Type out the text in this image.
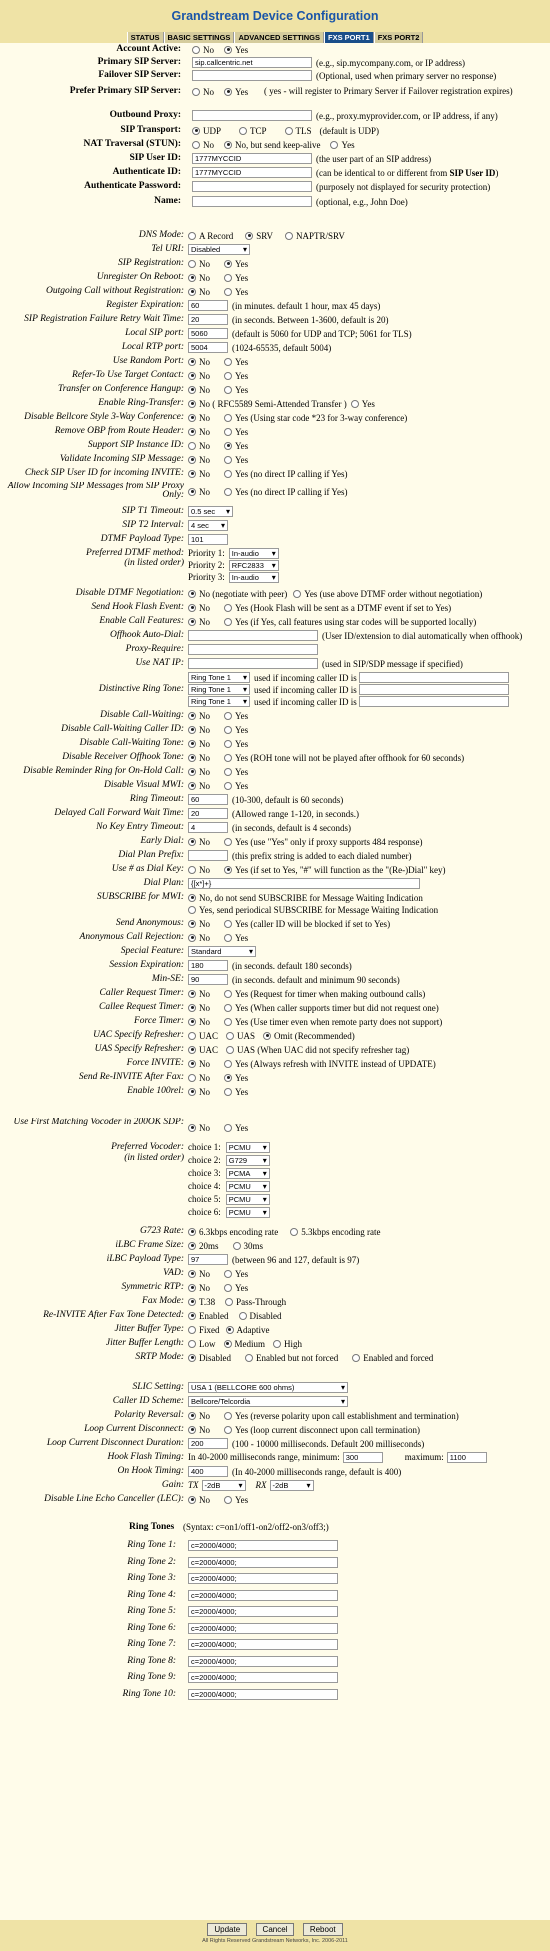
Grandstream Device Configuration
STATUS BASIC SETTINGS ADVANCED SETTINGS FXS PORT1 FXS PORT2
Account Active:	No Yes
Primary SIP Server:	sip.callcentric.net	(e.g., sip.mycompany.com, or IP address)
Failover SIP Server:	(Optional, used when primary server no response)
Prefer Primary SIP Server:	No Yes	( yes - will register to Primary Server if Failover registration expires)
Outbound Proxy:	(e.g., proxy.myprovider.com, or IP address, if any)
SIP Transport:	UDP	TCP	TLS (default is UDP)
NAT Traversal (STUN):	No No, but send keep-alive Yes
SIP User ID:	1777MYCCID	(the user part of an SIP address)
Authenticate ID:	1777MYCCID	(can be identical to or different from SIP User ID)
Authenticate Password:	(purposely not displayed for security protection)
Name:	(optional, e.g., John Doe)
DNS Mode:	A Record	SRV	NAPTR/SRV
Tel URI: Disabled ▾
SIP Registration:	No	Yes
Unregister On Reboot:	No	Yes
Outgoing Call without Registration:	No	Yes
Register Expiration: 60	(in minutes. default 1 hour, max 45 days)
SIP Registration Failure Retry Wait Time: 20	(in seconds. Between 1-3600, default is 20)
Local SIP port: 5060	(default is 5060 for UDP and TCP; 5061 for TLS)
Local RTP port: 5004	(1024-65535, default 5004)
Use Random Port:	No	Yes
Refer-To Use Target Contact:	No	Yes
Transfer on Conference Hangup:	No	Yes
Enable Ring-Transfer:	No ( RFC5589 Semi-Attended Transfer ) Yes
Disable Bellcore Style 3-Way Conference:	No	Yes (Using star code *23 for 3-way conference)
Remove OBP from Route Header:	No	Yes
Support SIP Instance ID:	No	Yes
Validate Incoming SIP Message:	No	Yes
Check SIP User ID for incoming INVITE:	No	Yes (no direct IP calling if Yes)
Allow Incoming SIP Messages from SIP Proxy Only:	No	Yes (no direct IP calling if Yes)
SIP T1 Timeout: 0.5 sec ▾
SIP T2 Interval: 4 sec ▾
DTMF Payload Type: 101
Preferred DTMF method:
(in listed order)
Priority 1: In-audio ▾
Priority 2: RFC2833 ▾
Priority 3: In-audio ▾
Disable DTMF Negotiation:	No (negotiate with peer) Yes (use above DTMF order without negotiation)
Send Hook Flash Event:	No	Yes (Hook Flash will be sent as a DTMF event if set to Yes)
Enable Call Features:	No	Yes (if Yes, call features using star codes will be supported locally)
Offhook Auto-Dial:	(User ID/extension to dial automatically when offhook)
Proxy-Require:
Use NAT IP:	(used in SIP/SDP message if specified)
Distinctive Ring Tone:
Ring Tone 1 ▾	used if incoming caller ID is
Ring Tone 1 ▾	used if incoming caller ID is
Ring Tone 1 ▾	used if incoming caller ID is
Disable Call-Waiting:	No	Yes
Disable Call-Waiting Caller ID:	No	Yes
Disable Call-Waiting Tone:	No	Yes
Disable Receiver Offhook Tone:	No	Yes (ROH tone will not be played after offhook for 60 seconds)
Disable Reminder Ring for On-Hold Call:	No	Yes
Disable Visual MWI:	No	Yes
Ring Timeout: 60	(10-300, default is 60 seconds)
Delayed Call Forward Wait Time: 20	(Allowed range 1-120, in seconds.)
No Key Entry Timeout: 4	(in seconds, default is 4 seconds)
Early Dial:	No	Yes (use "Yes" only if proxy supports 484 response)
Dial Plan Prefix:	(this prefix string is added to each dialed number)
Use # as Dial Key:	No	Yes (if set to Yes, "#" will function as the "(Re-)Dial" key)
Dial Plan: {[x*]+}
SUBSCRIBE for MWI:	No, do not send SUBSCRIBE for Message Waiting Indication
Yes, send periodical SUBSCRIBE for Message Waiting Indication
Send Anonymous:	No	Yes (caller ID will be blocked if set to Yes)
Anonymous Call Rejection:	No	Yes
Special Feature: Standard ▾
Session Expiration: 180	(in seconds. default 180 seconds)
Min-SE: 90	(in seconds. default and minimum 90 seconds)
Caller Request Timer:	No	Yes (Request for timer when making outbound calls)
Callee Request Timer:	No	Yes (When caller supports timer but did not request one)
Force Timer:	No	Yes (Use timer even when remote party does not support)
UAC Specify Refresher:	UAC UAS Omit (Recommended)
UAS Specify Refresher:	UAC UAS (When UAC did not specify refresher tag)
Force INVITE:	No	Yes (Always refresh with INVITE instead of UPDATE)
Send Re-INVITE After Fax:	No	Yes
Enable 100rel:	No	Yes
Use First Matching Vocoder in 200OK SDP:
No	Yes
Preferred Vocoder:
(in listed order)
choice 1: PCMU ▾
choice 2: G729 ▾
choice 3: PCMA ▾
choice 4: PCMU ▾
choice 5: PCMU ▾
choice 6: PCMU ▾
G723 Rate:	6.3kbps encoding rate	5.3kbps encoding rate
iLBC Frame Size:	20ms	30ms
iLBC Payload Type: 97	(between 96 and 127, default is 97)
VAD:	No	Yes
Symmetric RTP:	No	Yes
Fax Mode:	T.38 Pass-Through
Re-INVITE After Fax Tone Detected:	Enabled Disabled
Jitter Buffer Type:	Fixed Adaptive
Jitter Buffer Length:	Low Medium High
SRTP Mode:	Disabled	Enabled but not forced	Enabled and forced
SLIC Setting: USA 1 (BELLCORE 600 ohms) ▾
Caller ID Scheme: Bellcore/Telcordia ▾
Polarity Reversal:	No	Yes (reverse polarity upon call establishment and termination)
Loop Current Disconnect:	No	Yes (loop current disconnect upon call termination)
Loop Current Disconnect Duration: 200	(100 - 10000 milliseconds. Default 200 milliseconds)
Hook Flash Timing: In 40-2000 milliseconds range, minimum: 300	maximum: 1100
On Hook Timing: 400	(In 40-2000 milliseconds range, default is 400)
Gain: TX -2dB ▾	RX -2dB ▾
Disable Line Echo Canceller (LEC):	No	Yes
Ring Tones (Syntax: c=on1/off1-on2/off2-on3/off3;)
Ring Tone 1:	c=2000/4000;
Ring Tone 2:	c=2000/4000;
Ring Tone 3:	c=2000/4000;
Ring Tone 4:	c=2000/4000;
Ring Tone 5:	c=2000/4000;
Ring Tone 6:	c=2000/4000;
Ring Tone 7:	c=2000/4000;
Ring Tone 8:	c=2000/4000;
Ring Tone 9:	c=2000/4000;
Ring Tone 10:	c=2000/4000;
Update	Cancel	Reboot
All Rights Reserved Grandstream Networks, Inc. 2006-2011
